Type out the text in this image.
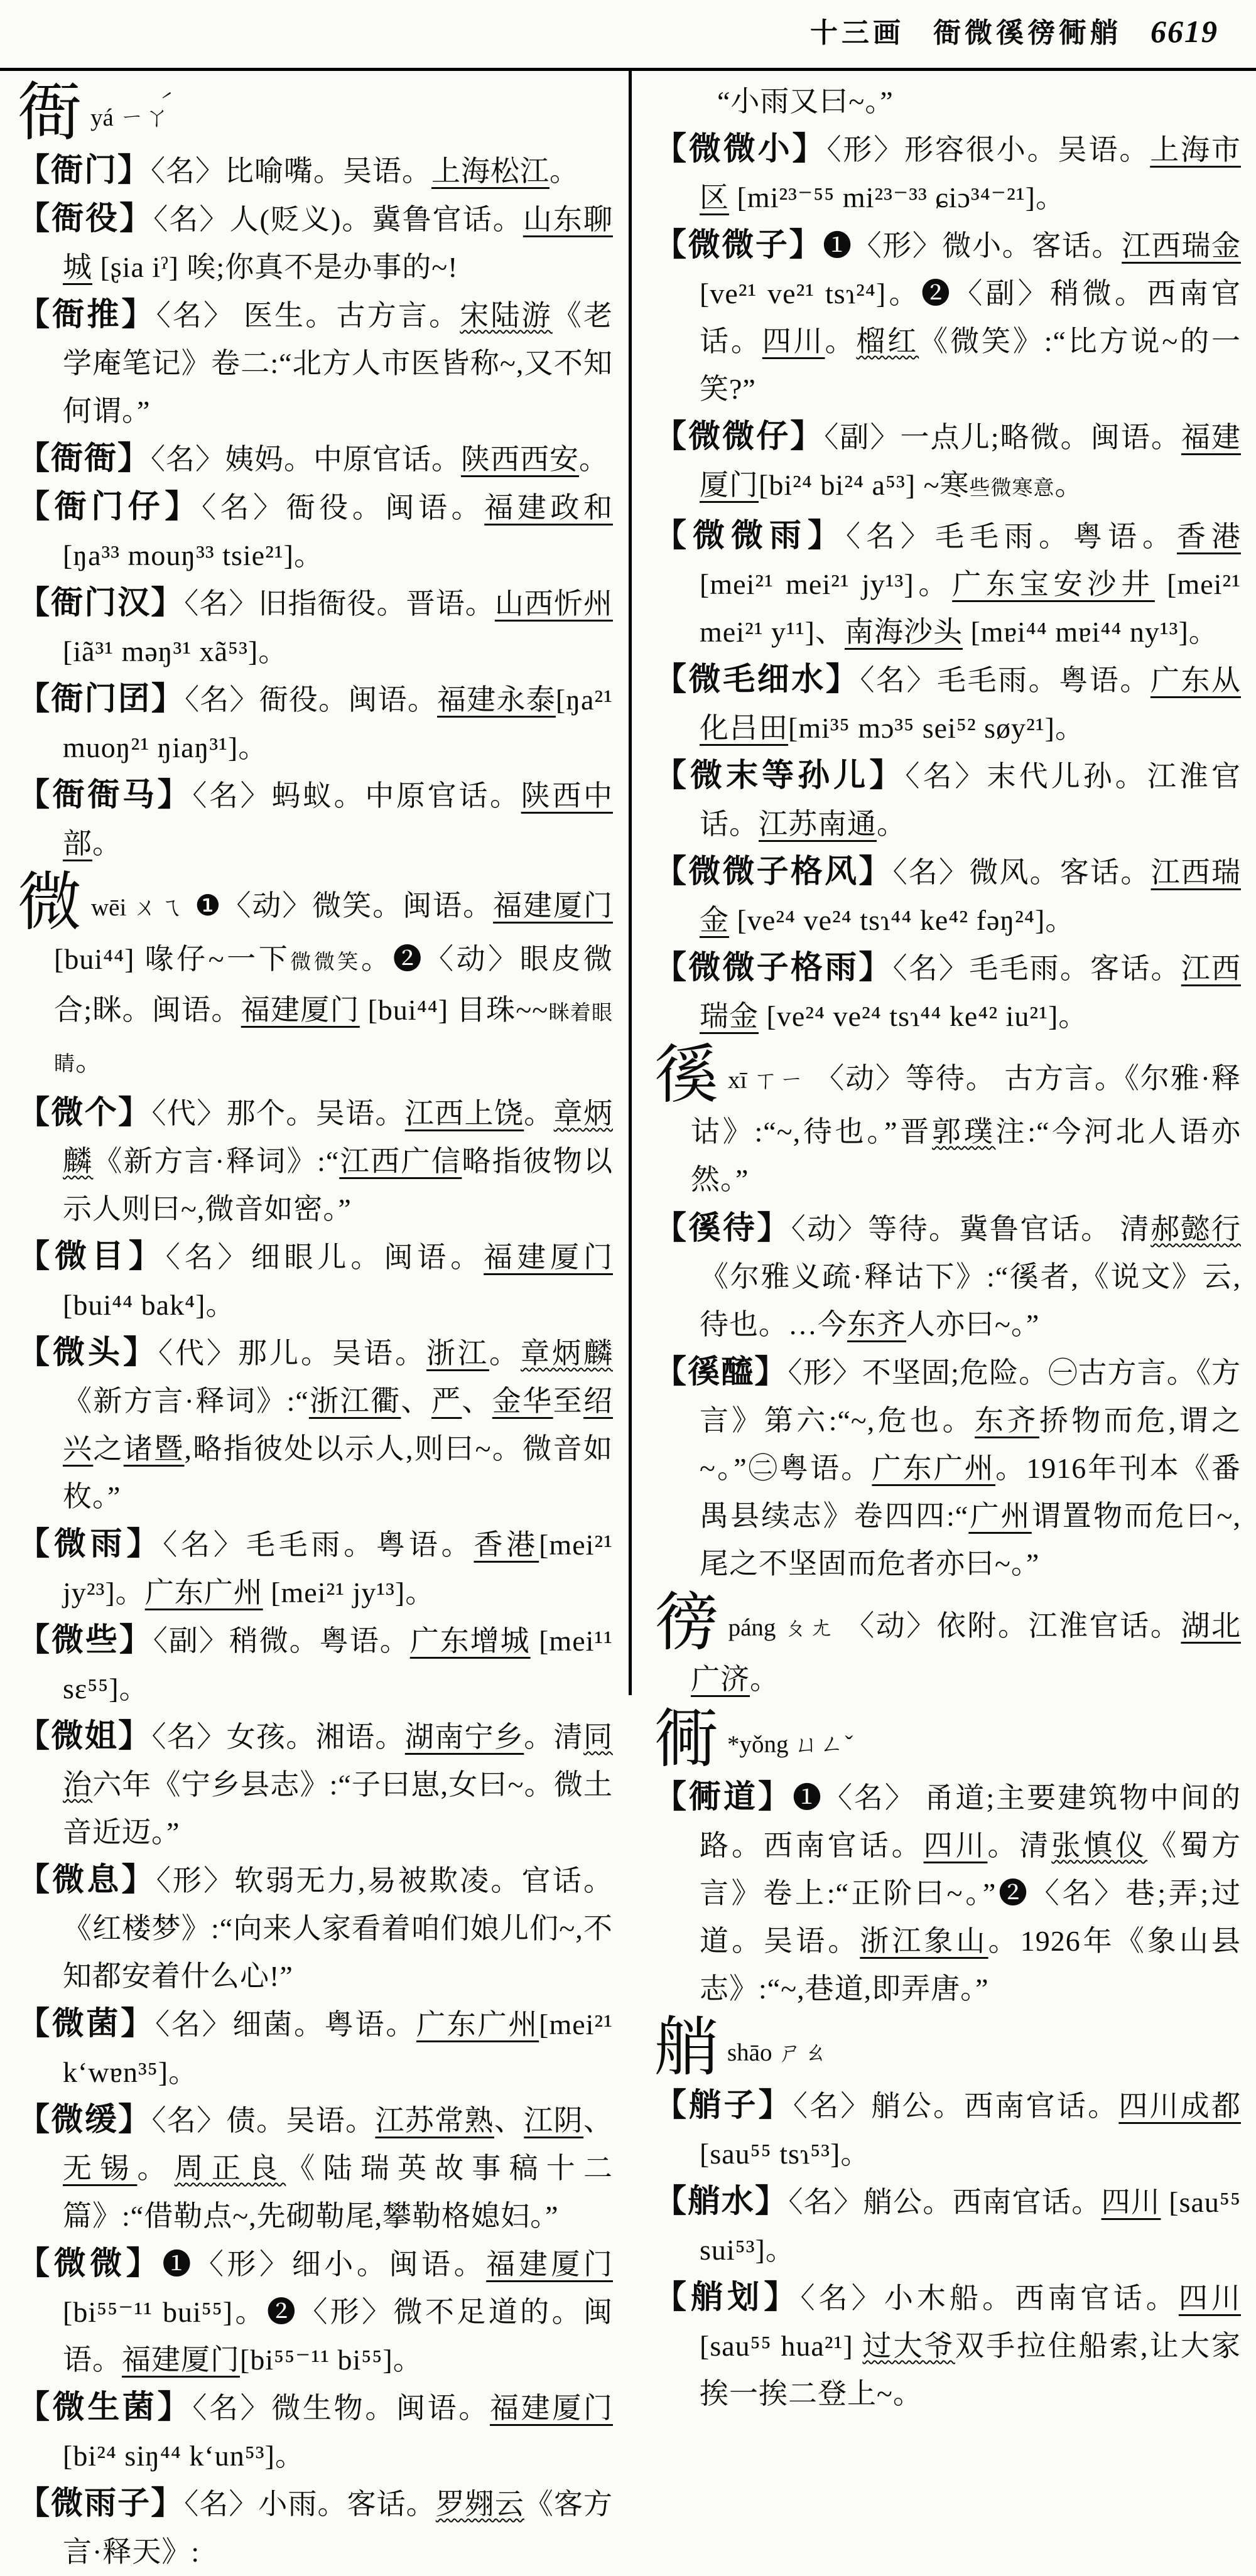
十三画 衙微徯徬衕艄 6619

衙yá ㄧㄚ́

【衙门】〈名〉比喻嘴。吴语。上海松江。

【衙役】〈名〉人(贬义)。冀鲁官话。山东聊城 [ʂia iˀ] 唉;你真不是办事的~!

【衙推】〈名〉 医生。古方言。宋陆游《老学庵笔记》卷二:“北方人市医皆称~,又不知何谓。”

【衙衙】〈名〉姨妈。中原官话。陕西西安。

【衙门仔】〈名〉衙役。闽语。福建政和 [ŋa³³ mouŋ³³ tsie²¹]。

【衙门汉】〈名〉旧指衙役。晋语。山西忻州 [iã³¹ məŋ³¹ xã⁵³]。

【衙门囝】〈名〉衙役。闽语。福建永泰[ŋa²¹ muoŋ²¹ ŋiaŋ³¹]。

【衙衙马】〈名〉蚂蚁。中原官话。陕西中部。

微wēi ㄨㄟ ❶〈动〉微笑。闽语。福建厦门 [bui⁴⁴] 喙仔~一下微微笑。❷〈动〉眼皮微合;眯。闽语。福建厦门 [bui⁴⁴] 目珠~~眯着眼睛。

【微个】〈代〉那个。吴语。江西上饶。章炳麟《新方言·释词》:“江西广信略指彼物以示人则曰~,微音如密。”

【微目】〈名〉细眼儿。闽语。福建厦门 [bui⁴⁴ bak⁴]。

【微头】〈代〉那儿。吴语。浙江。章炳麟《新方言·释词》:“浙江衢、严、金华至绍兴之诸暨,略指彼处以示人,则曰~。微音如枚。”

【微雨】〈名〉毛毛雨。粤语。香港[mei²¹ jy²³]。广东广州 [mei²¹ jy¹³]。

【微些】〈副〉稍微。粤语。广东增城 [mei¹¹ sɛ⁵⁵]。

【微姐】〈名〉女孩。湘语。湖南宁乡。清同治六年《宁乡县志》:“子曰崽,女曰~。微土音近迈。”

【微息】〈形〉软弱无力,易被欺凌。官话。《红楼梦》:“向来人家看着咱们娘儿们~,不知都安着什么心!”

【微菌】〈名〉细菌。粤语。广东广州[mei²¹ k‘wɐn³⁵]。

【微缓】〈名〉债。吴语。江苏常熟、江阴、无锡。周正良《陆瑞英故事稿十二篇》:“借勒点~,先砌勒尾,攀勒格媳妇。”

【微微】❶〈形〉细小。闽语。福建厦门[bi⁵⁵⁻¹¹ bui⁵⁵]。❷〈形〉微不足道的。闽语。福建厦门[bi⁵⁵⁻¹¹ bi⁵⁵]。

【微生菌】〈名〉微生物。闽语。福建厦门[bi²⁴ siŋ⁴⁴ k‘un⁵³]。

【微雨子】〈名〉小雨。客话。罗翙云《客方言·释天》:

“小雨又曰~。”

【微微小】〈形〉形容很小。吴语。上海市区 [mi²³⁻⁵⁵ mi²³⁻³³ ɕiɔ³⁴⁻²¹]。

【微微子】❶〈形〉微小。客话。江西瑞金[ve²¹ ve²¹ tsɿ²⁴]。❷〈副〉稍微。西南官话。四川。榴红《微笑》:“比方说~的一笑?”

【微微仔】〈副〉一点儿;略微。闽语。福建厦门[bi²⁴ bi²⁴ a⁵³] ~寒些微寒意。

【微微雨】〈名〉毛毛雨。粤语。香港 [mei²¹ mei²¹ jy¹³]。广东宝安沙井 [mei²¹ mei²¹ y¹¹]、南海沙头 [mɐi⁴⁴ mɐi⁴⁴ ny¹³]。

【微毛细水】〈名〉毛毛雨。粤语。广东从化吕田[mi³⁵ mɔ³⁵ sei⁵² søy²¹]。

【微末等孙儿】〈名〉末代儿孙。江淮官话。江苏南通。

【微微子格风】〈名〉微风。客话。江西瑞金 [ve²⁴ ve²⁴ tsɿ⁴⁴ ke⁴² fəŋ²⁴]。

【微微子格雨】〈名〉毛毛雨。客话。江西瑞金 [ve²⁴ ve²⁴ tsɿ⁴⁴ ke⁴² iu²¹]。

徯xī ㄒㄧ 〈动〉等待。 古方言。《尔雅·释诂》:“~,待也。”晋郭璞注:“今河北人语亦然。”

【徯待】〈动〉等待。冀鲁官话。 清郝懿行《尔雅义疏·释诂下》:“徯者,《说文》云,待也。…今东齐人亦曰~。”

【徯醯】〈形〉不坚固;危险。㊀古方言。《方言》第六:“~,危也。东齐挢物而危,谓之~。”㊁粤语。广东广州。1916年刊本《番禺县续志》卷四四:“广州谓置物而危曰~,尾之不坚固而危者亦曰~。”

徬páng ㄆㄤ 〈动〉依附。江淮官话。湖北广济。

衕 *yǒng ㄩㄥˇ

【衕道】❶〈名〉 甬道;主要建筑物中间的路。西南官话。四川。清张慎仪《蜀方言》卷上:“正阶曰~。”❷〈名〉巷;弄;过道。吴语。浙江象山。1926年《象山县志》:“~,巷道,即弄唐。”

艄shāo ㄕㄠ

【艄子】〈名〉艄公。西南官话。四川成都[sau⁵⁵ tsɿ⁵³]。

【艄水】〈名〉艄公。西南官话。四川 [sau⁵⁵ sui⁵³]。

【艄划】〈名〉小木船。西南官话。四川[sau⁵⁵ hua²¹] 过大爷双手拉住船索,让大家挨一挨二登上~。
